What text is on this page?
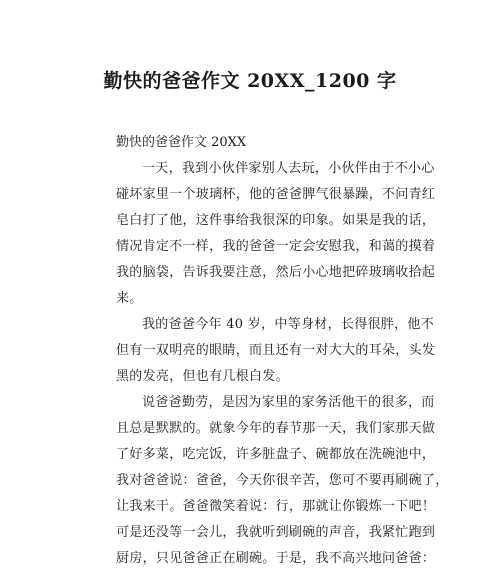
勤快的爸爸作文 20XX_1200 字
勤快的爸爸作文 20XX
一天，我到小伙伴家别人去玩，小伙伴由于不小心
碰坏家里一个玻璃杯，他的爸爸脾气很暴躁，不问青红
皂白打了他，这件事给我很深的印象。如果是我的话，
情况肯定不一样，我的爸爸一定会安慰我，和蔼的摸着
我的脑袋，告诉我要注意，然后小心地把碎玻璃收拾起
来。
我的爸爸今年 40 岁，中等身材，长得很胖，他不
但有一双明亮的眼睛，而且还有一对大大的耳朵，头发
黑的发亮，但也有几根白发。
说爸爸勤劳，是因为家里的家务活他干的很多，而
且总是默默的。就象今年的春节那一天，我们家那天做
了好多菜，吃完饭，许多脏盘子、碗都放在洗碗池中，
我对爸爸说：爸爸，今天你很辛苦，您可不要再刷碗了，
让我来干。爸爸微笑着说：行，那就让你锻炼一下吧！
可是还没等一会儿，我就听到刷碗的声音，我紧忙跑到
厨房，只见爸爸正在刷碗。于是，我不高兴地问爸爸：
